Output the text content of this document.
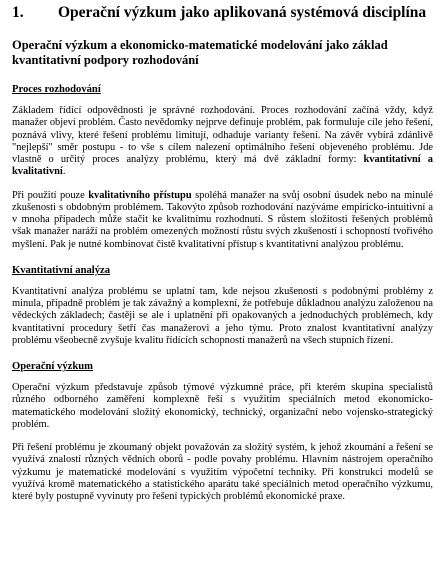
1.	Operační výzkum jako aplikovaná systémová disciplína
Operační výzkum a ekonomicko-matematické modelování jako základ kvantitativní podpory rozhodování
Proces rozhodování

Základem řídící odpovědnosti je správné rozhodování. Proces rozhodování začíná vždy, když manažer objeví problém. Často nevědomky nejprve definuje problém, pak formuluje cíle jeho řešení, poznává vlivy, které řešení problému limitují, odhaduje varianty řešení. Na závěr vybírá zdánlivě "nejlepší" směr postupu - to vše s cílem nalezení optimálního řešení objeveného problému. Jde vlastně o určitý proces analýzy problému, který má dvě základní formy: kvantitativní a kvalitativní.

Při použití pouze kvalitativního přístupu spoléhá manažer na svůj osobní úsudek nebo na minulé zkušenosti s obdobným problémem. Takovýto způsob rozhodování nazýváme empiricko-intuitivní a v mnoha případech může stačit ke kvalitnímu rozhodnutí. S růstem složitosti řešených problémů však manažer naráží na problém omezených možností růstu svých zkušeností i schopností tvořivého myšlení. Pak je nutné kombinovat čistě kvalitativní přístup s kvantitativní analýzou problému.

Kvantitativní analýza

Kvantitativní analýza problému se uplatní tam, kde nejsou zkušenosti s podobnými problémy z minula, případně problém je tak závažný a komplexní, že potřebuje důkladnou analýzu založenou na vědeckých základech; častěji se ale i uplatnění při opakovaných a jednoduchých problémech, kdy kvantitativní procedury šetří čas manažerovi a jeho týmu. Proto znalost kvantitativní analýzy problému všeobecně zvyšuje kvalitu řídících schopností manažerů na všech stupních řízení.

Operační výzkum

Operační výzkum představuje způsob týmové výzkumné práce, při kterém skupina specialistů různého odborného zaměření komplexně řeší s využitím speciálních metod ekonomicko-matematického modelování složitý ekonomický, technický, organizační nebo vojensko-strategický problém.

Při řešení problému je zkoumaný objekt považován za složitý systém, k jehož zkoumání a řešení se využívá znalostí různých vědních oborů - podle povahy problému. Hlavním nástrojem operačního výzkumu je matematické modelování s využitím výpočetní techniky. Při konstrukci modelů se využívá kromě matematického a statistického aparátu také speciálních metod operačního výzkumu, které byly postupně vyvinuty pro řešení typických problémů ekonomické praxe.
